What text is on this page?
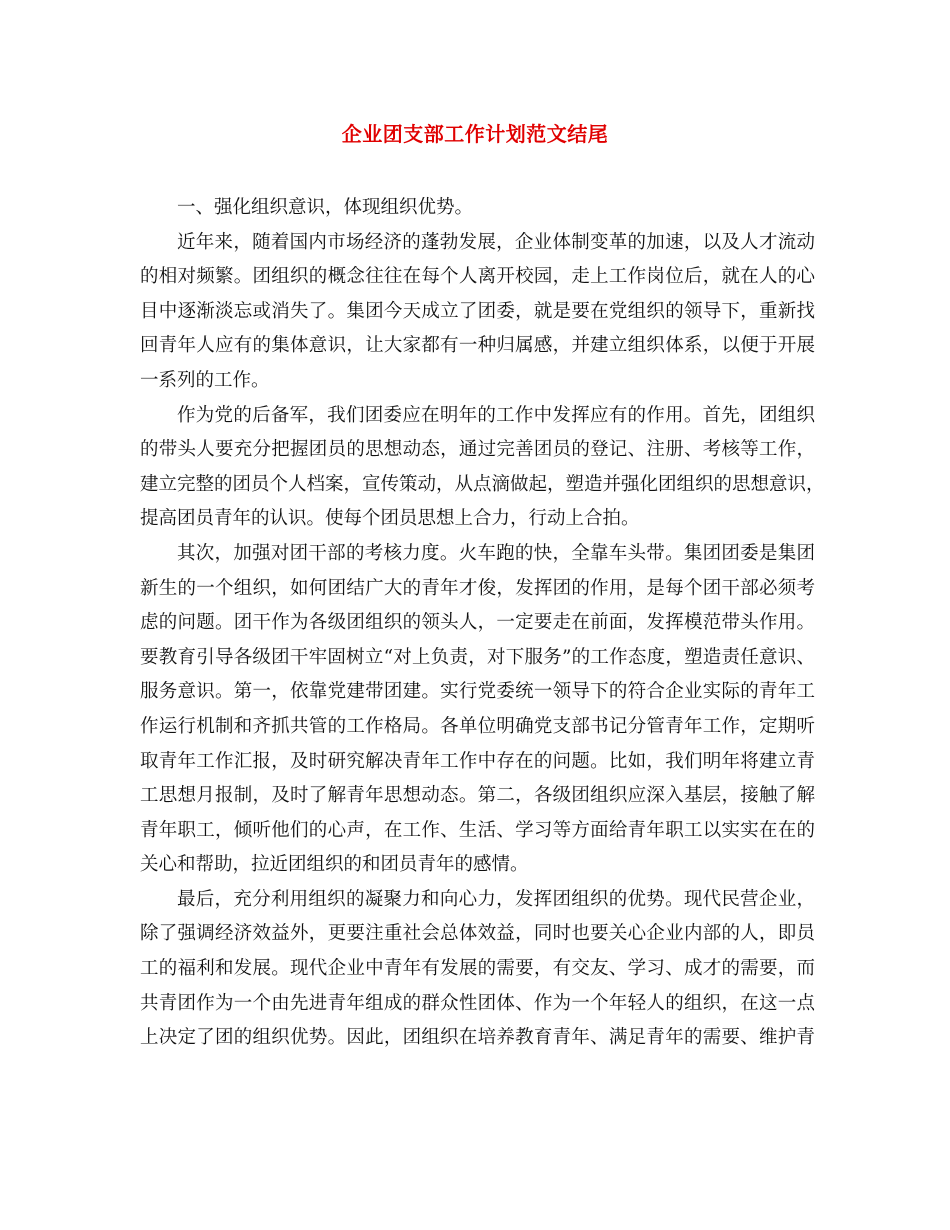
企业团支部工作计划范文结尾

一、强化组织意识，体现组织优势。

近年来，随着国内市场经济的蓬勃发展，企业体制变革的加速，以及人才流动
的相对频繁。团组织的概念往往在每个人离开校园，走上工作岗位后，就在人的心
目中逐渐淡忘或消失了。集团今天成立了团委，就是要在党组织的领导下，重新找
回青年人应有的集体意识，让大家都有一种归属感，并建立组织体系，以便于开展
一系列的工作。

作为党的后备军，我们团委应在明年的工作中发挥应有的作用。首先，团组织
的带头人要充分把握团员的思想动态，通过完善团员的登记、注册、考核等工作，
建立完整的团员个人档案，宣传策动，从点滴做起，塑造并强化团组织的思想意识，
提高团员青年的认识。使每个团员思想上合力，行动上合拍。

其次，加强对团干部的考核力度。火车跑的快，全靠车头带。集团团委是集团
新生的一个组织，如何团结广大的青年才俊，发挥团的作用，是每个团干部必须考
虑的问题。团干作为各级团组织的领头人，一定要走在前面，发挥模范带头作用。
要教育引导各级团干牢固树立“对上负责，对下服务”的工作态度，塑造责任意识、
服务意识。第一，依靠党建带团建。实行党委统一领导下的符合企业实际的青年工
作运行机制和齐抓共管的工作格局。各单位明确党支部书记分管青年工作，定期听
取青年工作汇报，及时研究解决青年工作中存在的问题。比如，我们明年将建立青
工思想月报制，及时了解青年思想动态。第二，各级团组织应深入基层，接触了解
青年职工，倾听他们的心声，在工作、生活、学习等方面给青年职工以实实在在的
关心和帮助，拉近团组织的和团员青年的感情。

最后，充分利用组织的凝聚力和向心力，发挥团组织的优势。现代民营企业，
除了强调经济效益外，更要注重社会总体效益，同时也要关心企业内部的人，即员
工的福利和发展。现代企业中青年有发展的需要，有交友、学习、成才的需要，而
共青团作为一个由先进青年组成的群众性团体、作为一个年轻人的组织，在这一点
上决定了团的组织优势。因此，团组织在培养教育青年、满足青年的需要、维护青
